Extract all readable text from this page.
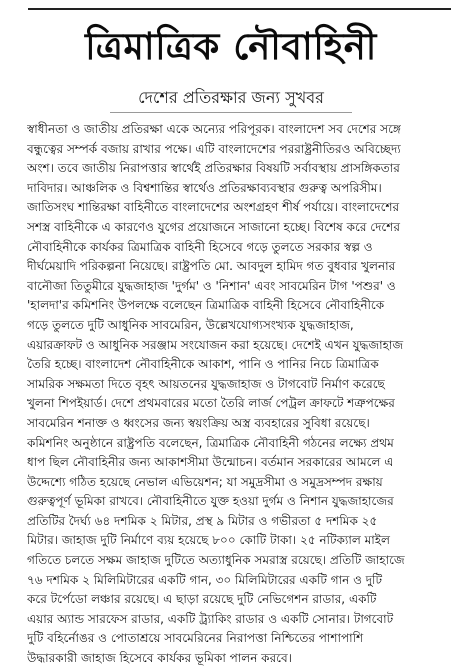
ত্রিমাত্রিক নৌবাহিনী
দেশের প্রতিরক্ষার জন্য সুখবর
স্বাধীনতা ও জাতীয় প্রতিরক্ষা একে অন্যের পরিপূরক। বাংলাদেশ সব দেশের সঙ্গে
বন্ধুত্বের সম্পর্ক বজায় রাখার পক্ষে। এটি বাংলাদেশের পররাষ্ট্রনীতিরও অবিচ্ছেদ্য
অংশ। তবে জাতীয় নিরাপত্তার স্বার্থেই প্রতিরক্ষার বিষয়টি সর্বাবস্থায় প্রাসঙ্গিকতার
দাবিদার। আঞ্চলিক ও বিশ্বশান্তির স্বার্থেও প্রতিরক্ষাব্যবস্থার গুরুত্ব অপরিসীম।
জাতিসংঘ শান্তিরক্ষা বাহিনীতে বাংলাদেশের অংশগ্রহণ শীর্ষ পর্যায়ে। বাংলাদেশের
সশস্ত্র বাহিনীকে এ কারণেও যুগের প্রয়োজনে সাজানো হচ্ছে। বিশেষ করে দেশের
নৌবাহিনীকে কার্যকর ত্রিমাত্রিক বাহিনী হিসেবে গড়ে তুলতে সরকার স্বল্প ও
দীর্ঘমেয়াদি পরিকল্পনা নিয়েছে। রাষ্ট্রপতি মো. আবদুল হামিদ গত বুধবার খুলনার
বানৌজা তিতুমীরে যুদ্ধজাহাজ 'দুর্গম' ও 'নিশান' এবং সাবমেরিন টাগ 'পশুর' ও
'হালদা'র কমিশনিং উপলক্ষে বলেছেন ত্রিমাত্রিক বাহিনী হিসেবে নৌবাহিনীকে
গড়ে তুলতে দুটি আধুনিক সাবমেরিন, উল্লেখযোগ্যসংখ্যক যুদ্ধজাহাজ,
এয়ারক্রাফট ও আধুনিক সরঞ্জাম সংযোজন করা হয়েছে। দেশেই এখন যুদ্ধজাহাজ
তৈরি হচ্ছে। বাংলাদেশ নৌবাহিনীকে আকাশ, পানি ও পানির নিচে ত্রিমাত্রিক
সামরিক সক্ষমতা দিতে বৃহৎ আয়তনের যুদ্ধজাহাজ ও টাগবোট নির্মাণ করেছে
খুলনা শিপইয়ার্ড। দেশে প্রথমবারের মতো তৈরি লার্জ পেট্রল ক্রাফটে শত্রুপক্ষের
সাবমেরিন শনাক্ত ও ধ্বংসের জন্য স্বয়ংক্রিয় অস্ত্র ব্যবহারের সুবিধা রয়েছে।
কমিশনিং অনুষ্ঠানে রাষ্ট্রপতি বলেছেন, ত্রিমাত্রিক নৌবাহিনী গঠনের লক্ষ্যে প্রথম
ধাপ ছিল নৌবাহিনীর জন্য আকাশসীমা উন্মোচন। বর্তমান সরকারের আমলে এ
উদ্দেশ্যে গঠিত হয়েছে নেভাল এভিয়েশন; যা সমুদ্রসীমা ও সমুদ্রসম্পদ রক্ষায়
গুরুত্বপূর্ণ ভূমিকা রাখবে। নৌবাহিনীতে যুক্ত হওয়া দুর্গম ও নিশান যুদ্ধজাহাজের
প্রতিটির দৈর্ঘ্য ৬৪ দশমিক ২ মিটার, প্রস্থ ৯ মিটার ও গভীরতা ৫ দশমিক ২৫
মিটার। জাহাজ দুটি নির্মাণে ব্যয় হয়েছে ৮০০ কোটি টাকা। ২৫ নটিক্যাল মাইল
গতিতে চলতে সক্ষম জাহাজ দুটিতে অত্যাধুনিক সমরাস্ত্র রয়েছে। প্রতিটি জাহাজে
৭৬ দশমিক ২ মিলিমিটারের একটি গান, ৩০ মিলিমিটারের একটি গান ও দুটি
করে টর্পেডো লঞ্চার রয়েছে। এ ছাড়া রয়েছে দুটি নেভিগেশন রাডার, একটি
এয়ার অ্যান্ড সারফেস রাডার, একটি ট্র্যাকিং রাডার ও একটি সোনার। টাগবোট
দুটি বহির্নোঙর ও পোতাশ্রয়ে সাবমেরিনের নিরাপত্তা নিশ্চিতের পাশাপাশি
উদ্ধারকারী জাহাজ হিসেবে কার্যকর ভূমিকা পালন করবে।
